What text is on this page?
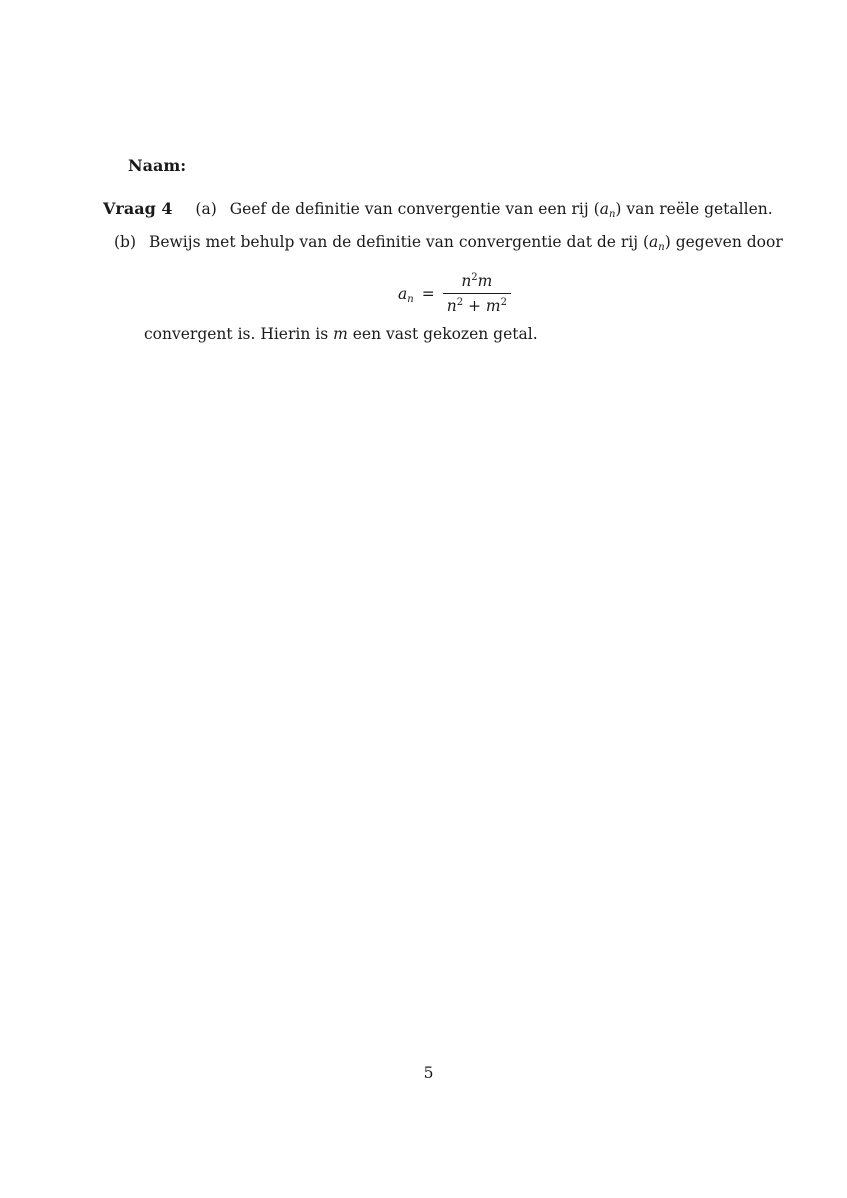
Naam:
Vraag 4 (a) Geef de definitie van convergentie van een rij $(a_n)$ van reële getallen.
(b) Bewijs met behulp van de definitie van convergentie dat de rij $(a_n)$ gegeven door
$a_n = \frac{n^2m}{n^2 + m^2}$
convergent is. Hierin is m een vast gekozen getal.
5
